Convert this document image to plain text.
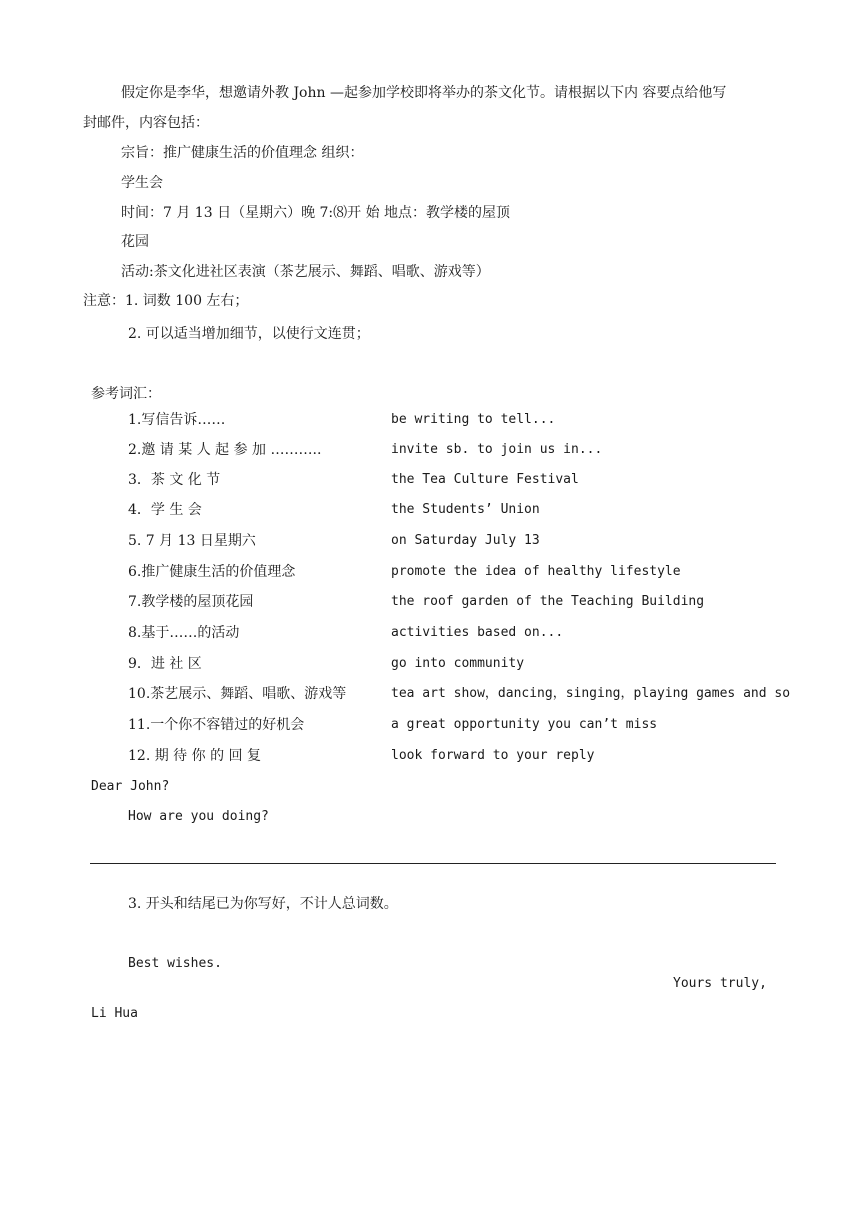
假定你是李华，想邀请外教 John —起参加学校即将举办的茶文化节。请根据以下内 容要点给他写
封邮件，内容包括：
宗旨：推广健康生活的价值理念 组织：
学生会
时间：7 月 13 日（星期六）晚 7:⑻开 始 地点：教学楼的屋顶
花园
活动:茶文化进社区表演（茶艺展示、舞蹈、唱歌、游戏等）
注意：1. 词数 100 左右；
2. 可以适当增加细节，以使行文连贯；
参考词汇：
1.写信告诉……	be writing to tell...
2.邀 请 某 人 起 参 加 ………..	invite sb. to join us in...
3．茶 文 化 节	the Tea Culture Festival
4．学 生 会	the Students’ Union
5. 7 月 13 日星期六	on Saturday July 13
6.推广健康生活的价值理念	promote the idea of healthy lifestyle
7.教学楼的屋顶花园	the roof garden of the Teaching Building
8.基于……的活动	activities based on...
9．进 社 区	go into community
10.茶艺展示、舞蹈、唱歌、游戏等	tea art show，dancing，singing，playing games and so
11.一个你不容错过的好机会	a great opportunity you can’t miss
12. 期 待 你 的 回 复	look forward to your reply
Dear John?
How are you doing?
3. 开头和结尾已为你写好，不计人总词数。
Best wishes.
Yours truly,
Li Hua
